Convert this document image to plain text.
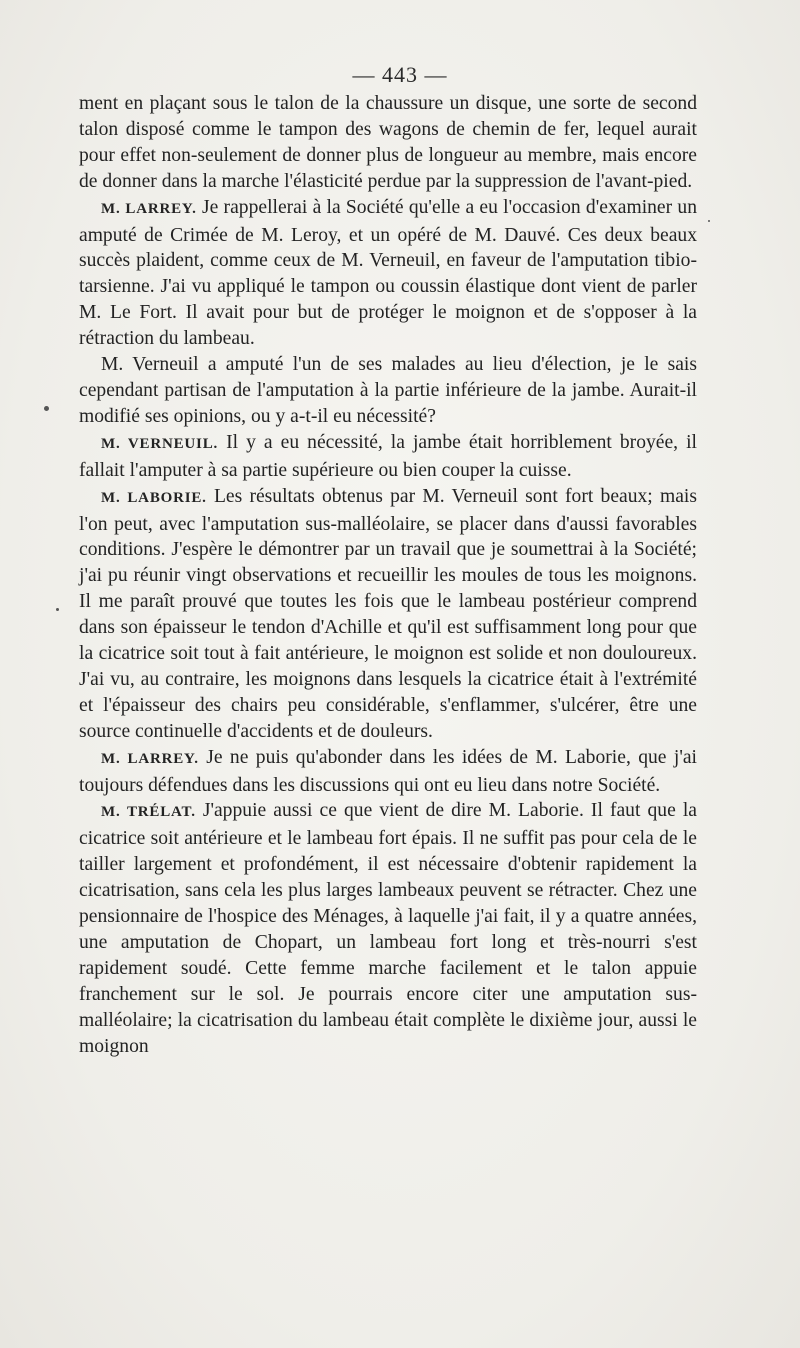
— 443 —

ment en plaçant sous le talon de la chaussure un disque, une sorte de second talon disposé comme le tampon des wagons de chemin de fer, lequel aurait pour effet non-seulement de donner plus de longueur au membre, mais encore de donner dans la marche l'élasticité perdue par la suppression de l'avant-pied.

M. LARREY. Je rappellerai à la Société qu'elle a eu l'occasion d'examiner un amputé de Crimée de M. Leroy, et un opéré de M. Dauvé. Ces deux beaux succès plaident, comme ceux de M. Verneuil, en faveur de l'amputation tibio-tarsienne. J'ai vu appliqué le tampon ou coussin élastique dont vient de parler M. Le Fort. Il avait pour but de protéger le moignon et de s'opposer à la rétraction du lambeau.

M. Verneuil a amputé l'un de ses malades au lieu d'élection, je le sais cependant partisan de l'amputation à la partie inférieure de la jambe. Aurait-il modifié ses opinions, ou y a-t-il eu nécessité?

M. VERNEUIL. Il y a eu nécessité, la jambe était horriblement broyée, il fallait l'amputer à sa partie supérieure ou bien couper la cuisse.

M. LABORIE. Les résultats obtenus par M. Verneuil sont fort beaux; mais l'on peut, avec l'amputation sus-malléolaire, se placer dans d'aussi favorables conditions. J'espère le démontrer par un travail que je soumettrai à la Société; j'ai pu réunir vingt observations et recueillir les moules de tous les moignons. Il me paraît prouvé que toutes les fois que le lambeau postérieur comprend dans son épaisseur le tendon d'Achille et qu'il est suffisamment long pour que la cicatrice soit tout à fait antérieure, le moignon est solide et non douloureux. J'ai vu, au contraire, les moignons dans lesquels la cicatrice était à l'extrémité et l'épaisseur des chairs peu considérable, s'enflammer, s'ulcérer, être une source continuelle d'accidents et de douleurs.

M. LARREY. Je ne puis qu'abonder dans les idées de M. Laborie, que j'ai toujours défendues dans les discussions qui ont eu lieu dans notre Société.

M. TRÉLAT. J'appuie aussi ce que vient de dire M. Laborie. Il faut que la cicatrice soit antérieure et le lambeau fort épais. Il ne suffit pas pour cela de le tailler largement et profondément, il est nécessaire d'obtenir rapidement la cicatrisation, sans cela les plus larges lambeaux peuvent se rétracter. Chez une pensionnaire de l'hospice des Ménages, à laquelle j'ai fait, il y a quatre années, une amputation de Chopart, un lambeau fort long et très-nourri s'est rapidement soudé. Cette femme marche facilement et le talon appuie franchement sur le sol. Je pourrais encore citer une amputation sus-malléolaire; la cicatrisation du lambeau était complète le dixième jour, aussi le moignon
